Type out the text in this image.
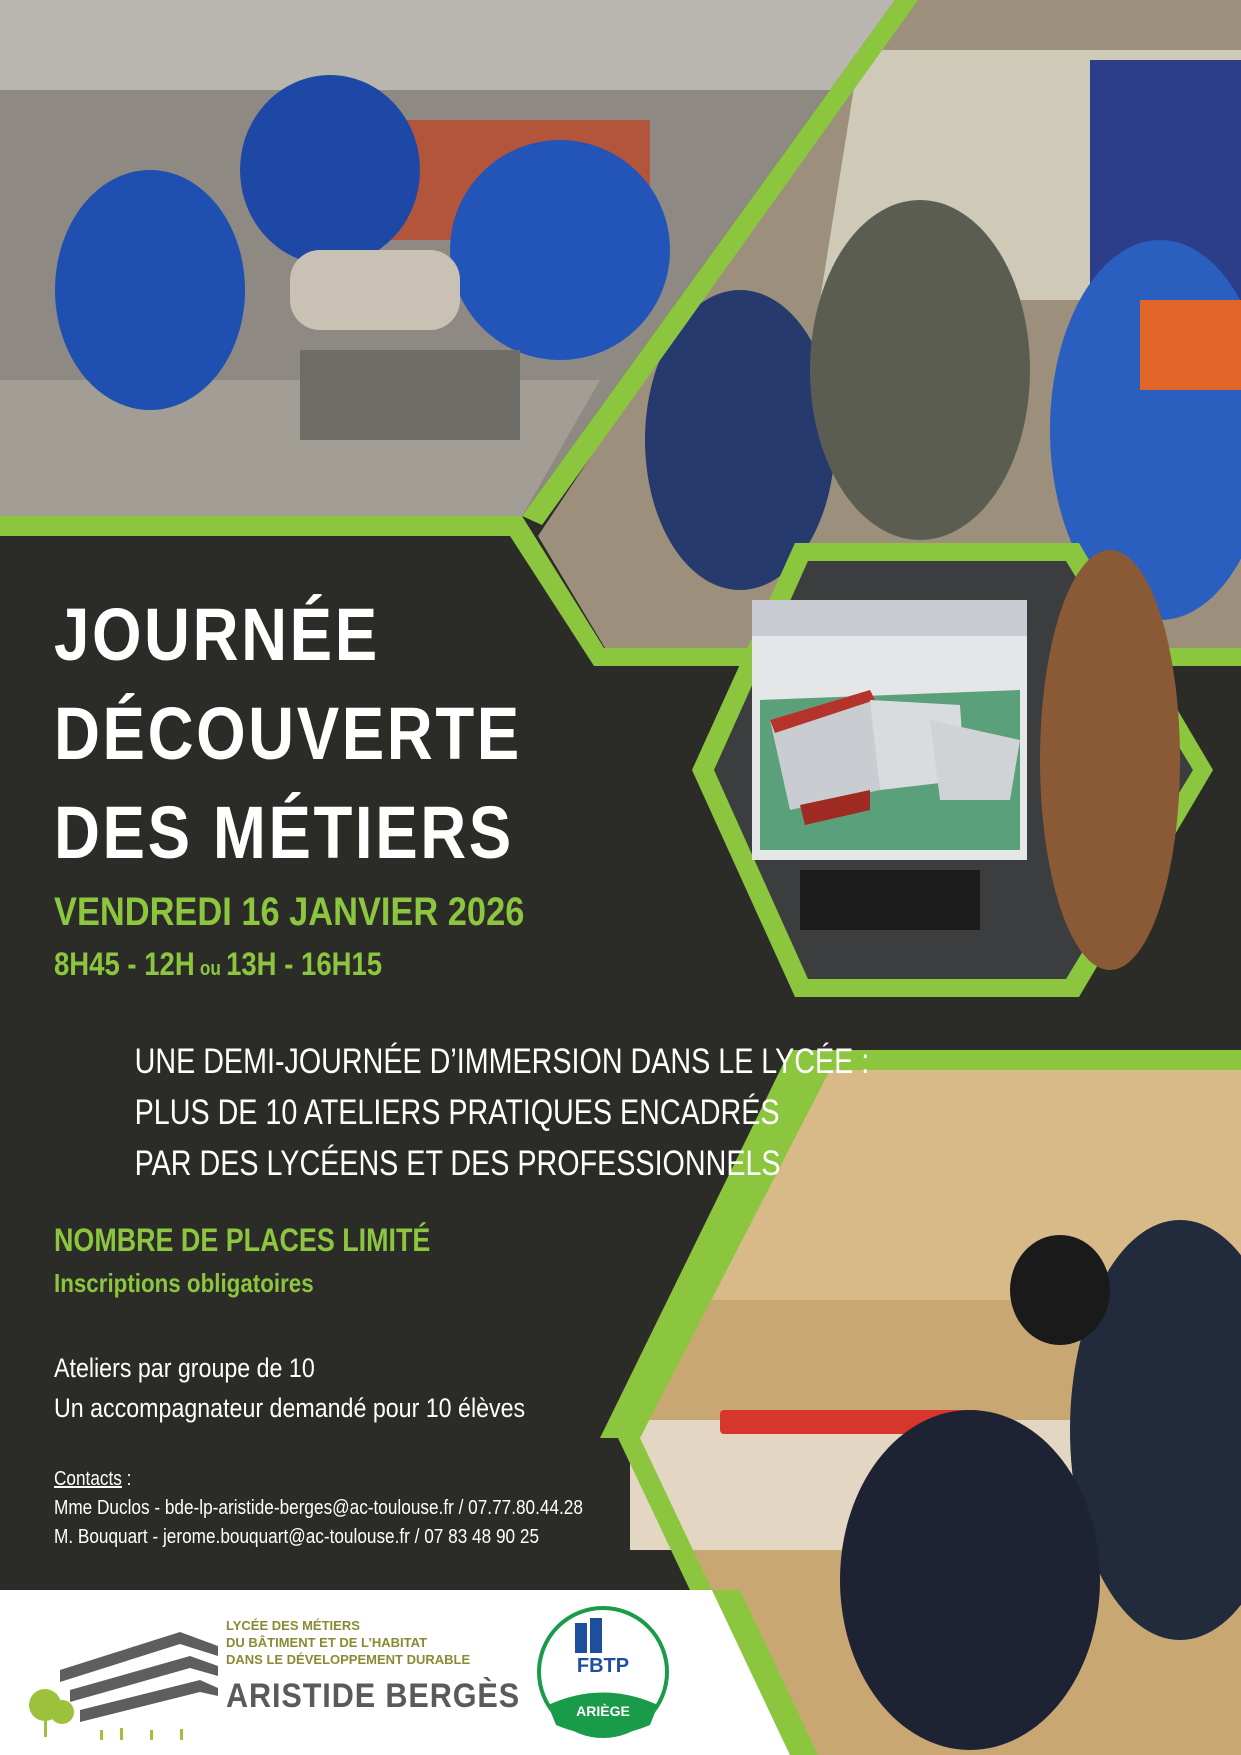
FBTP
ARIÈGE
JOURNÉE
DÉCOUVERTE
DES MÉTIERS
VENDREDI 16 JANVIER 2026
8H45 - 12H ou 13H - 16H15
UNE DEMI-JOURNÉE D’IMMERSION DANS LE LYCÉE :
PLUS DE 10 ATELIERS PRATIQUES ENCADRÉS
PAR DES LYCÉENS ET DES PROFESSIONNELS
NOMBRE DE PLACES LIMITÉ
Inscriptions obligatoires
Ateliers par groupe de 10
Un accompagnateur demandé pour 10 élèves
Contacts :
Mme Duclos - bde-lp-aristide-berges@ac-toulouse.fr / 07.77.80.44.28
M. Bouquart - jerome.bouquart@ac-toulouse.fr / 07 83 48 90 25
LYCÉE DES MÉTIERS
DU BÂTIMENT ET DE L’HABITAT
DANS LE DÉVELOPPEMENT DURABLE
ARISTIDE BERGÈS
